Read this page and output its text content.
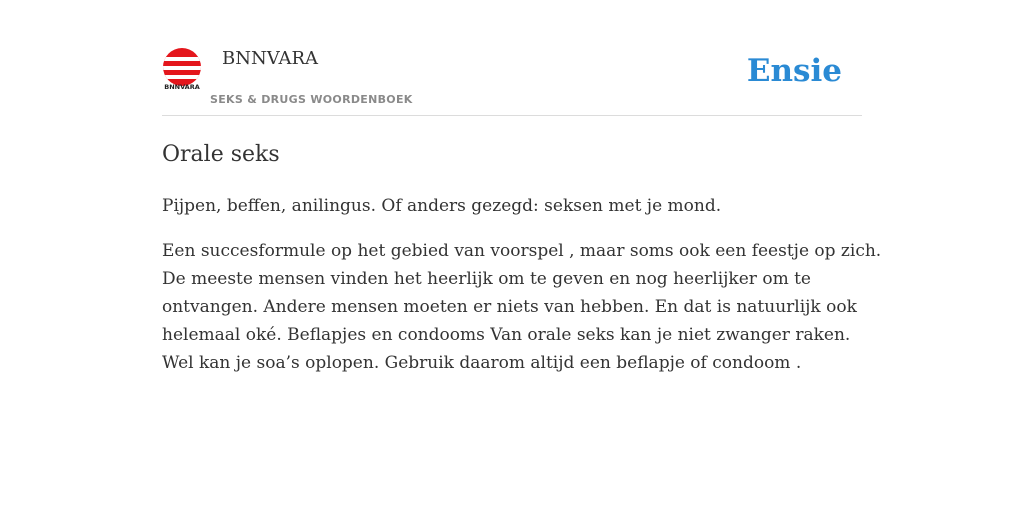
BNNVARA
BNNVARA
SEKS & DRUGS WOORDENBOEK
Ensie
Orale seks

Pijpen, beffen, anilingus. Of anders gezegd: seksen met je mond.

Een succesformule op het gebied van voorspel , maar soms ook een feestje op zich.
De meeste mensen vinden het heerlijk om te geven en nog heerlijker om te
ontvangen. Andere mensen moeten er niets van hebben. En dat is natuurlijk ook
helemaal oké. Beflapjes en condooms Van orale seks kan je niet zwanger raken.
Wel kan je soa’s oplopen. Gebruik daarom altijd een beflapje of condoom .
